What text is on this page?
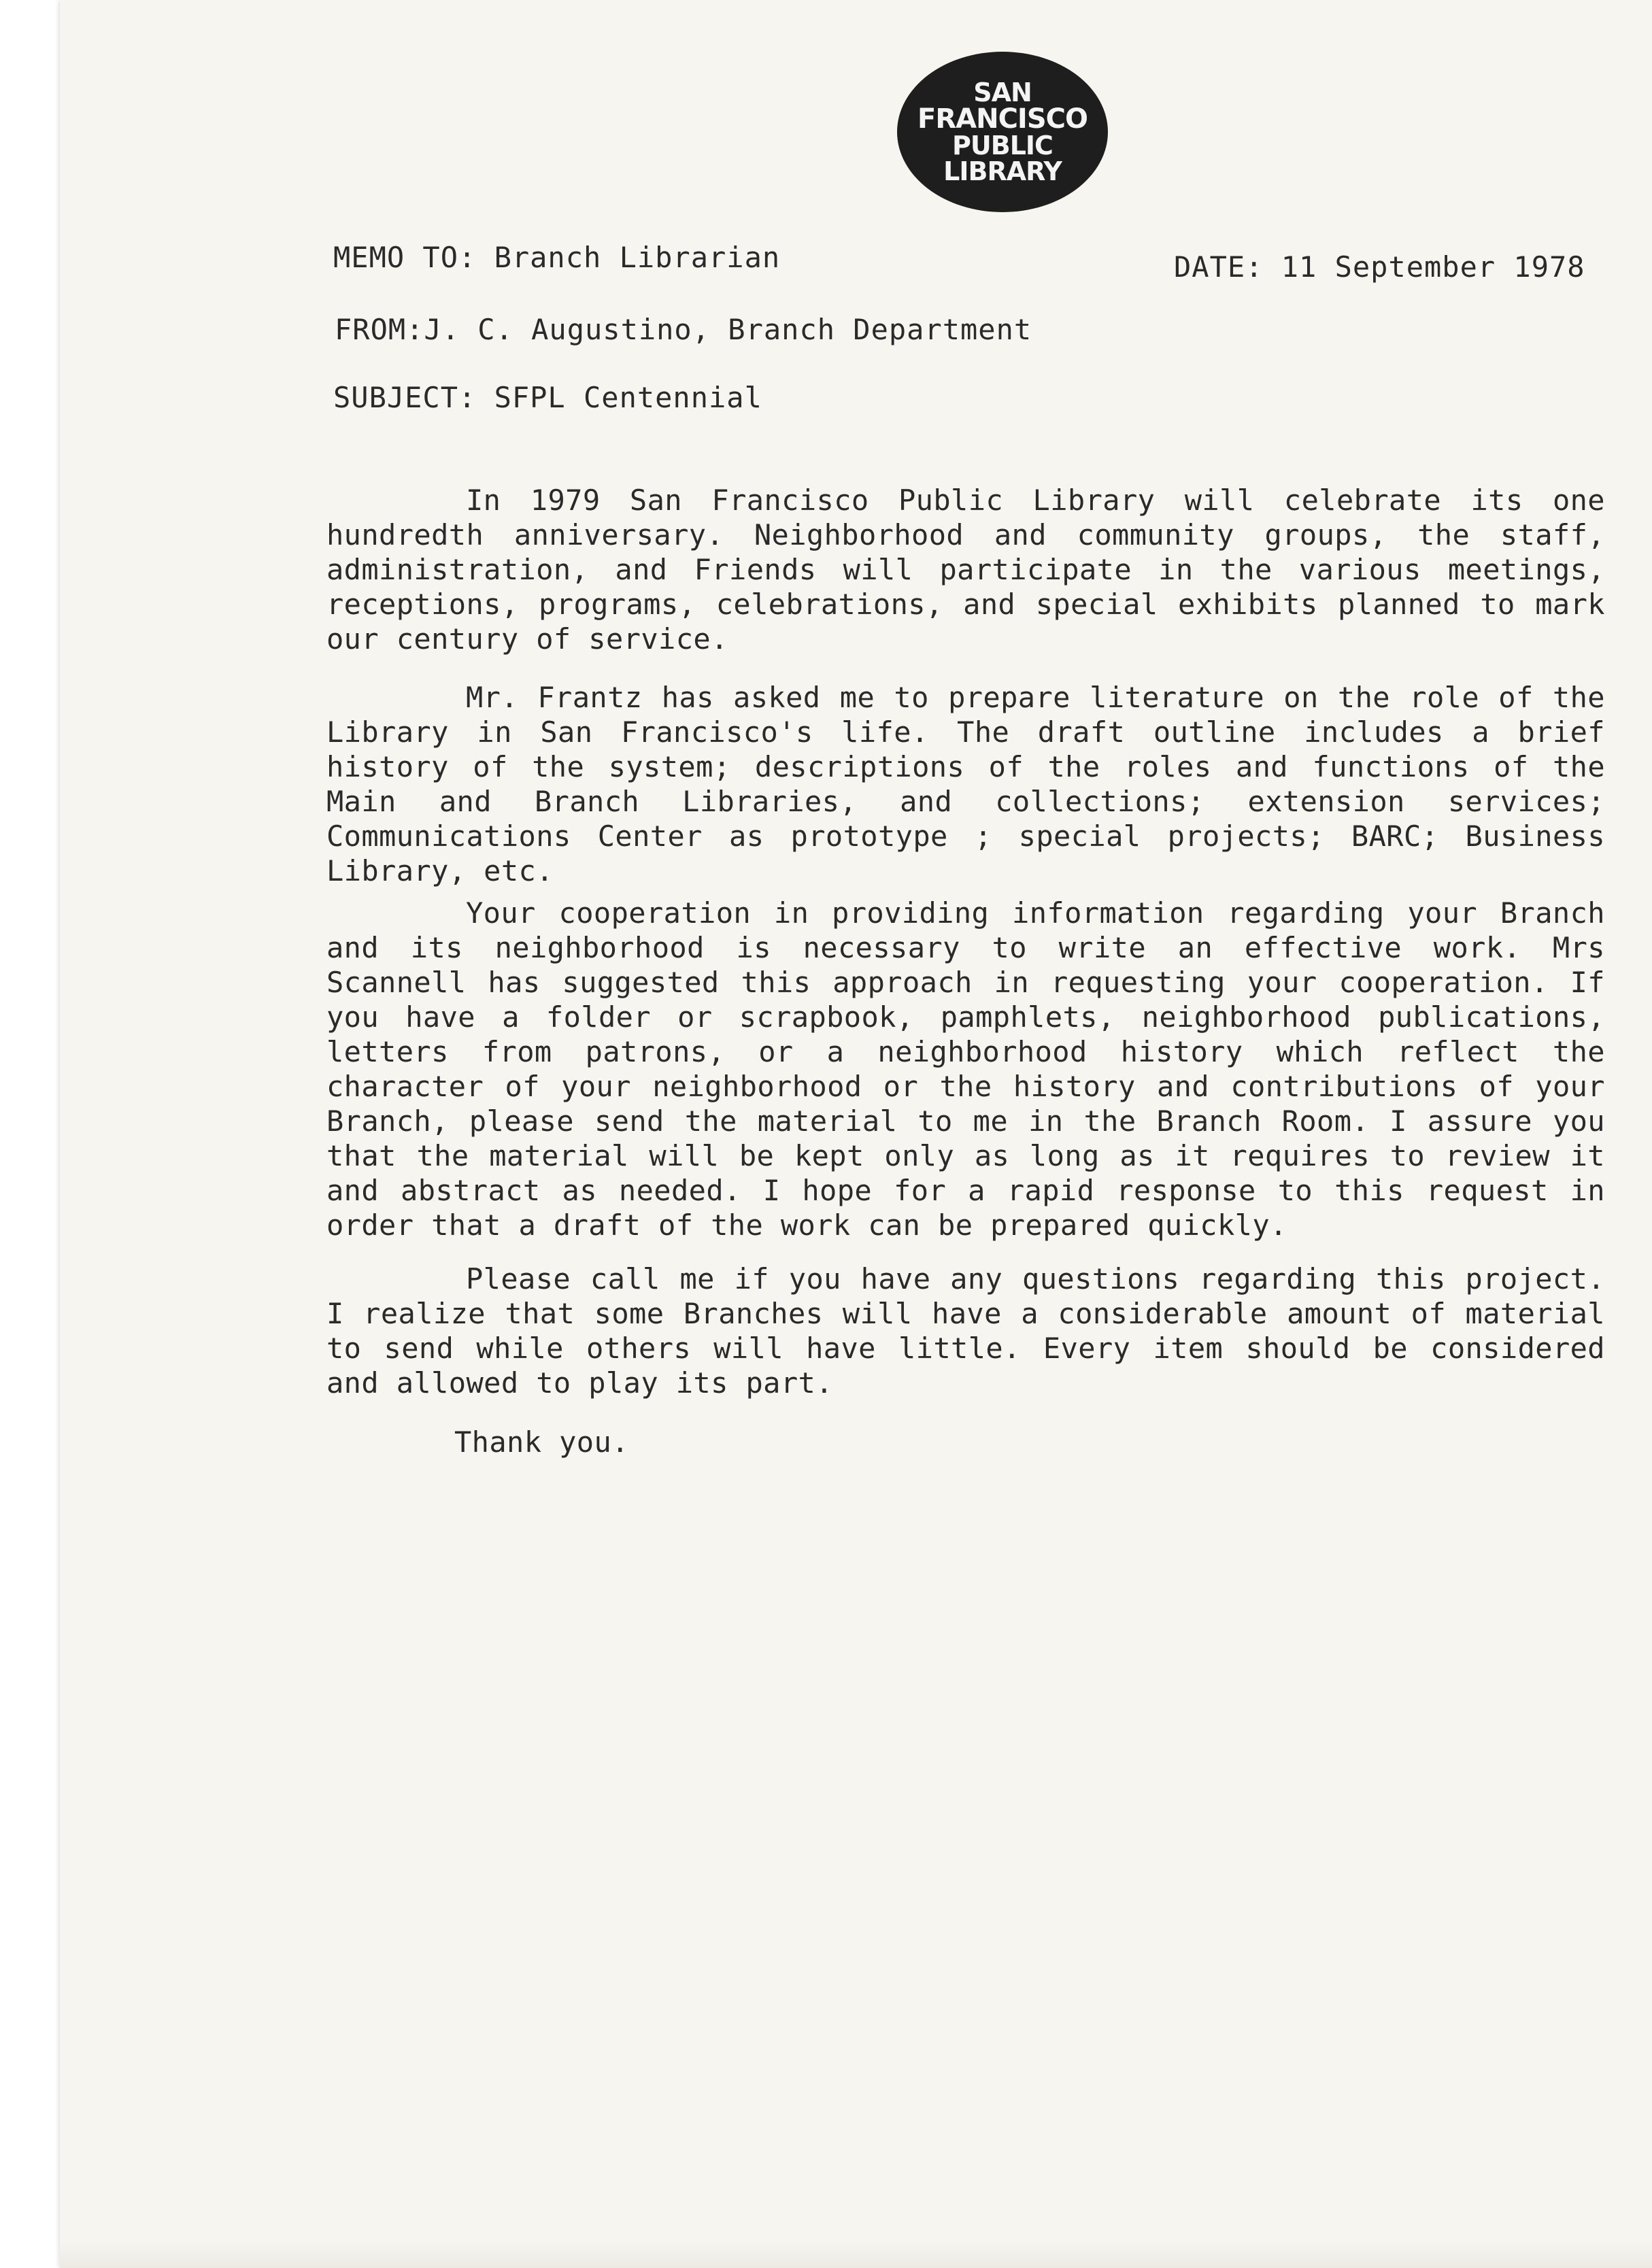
SAN
FRANCISCO
PUBLIC
LIBRARY
MEMO TO: Branch Librarian	DATE: 11 September 1978
FROM:J. C. Augustino, Branch Department
SUBJECT: SFPL Centennial

In 1979 San Francisco Public Library will celebrate its one hundredth anniversary. Neighborhood and community groups, the staff, administration, and Friends will participate in the various meetings, receptions, programs, celebrations, and special exhibits planned to mark our century of service.

Mr. Frantz has asked me to prepare literature on the role of the Library in San Francisco's life. The draft outline includes a brief history of the system; descriptions of the roles and functions of the Main and Branch Libraries, and collections; extension services; Communications Center as prototype ; special projects; BARC; Business Library, etc.

Your cooperation in providing information regarding your Branch and its neighborhood is necessary to write an effective work. Mrs Scannell has suggested this approach in requesting your cooperation. If you have a folder or scrapbook, pamphlets, neighborhood publications, letters from patrons, or a neighborhood history which reflect the character of your neighborhood or the history and contributions of your Branch, please send the material to me in the Branch Room. I assure you that the material will be kept only as long as it requires to review it and abstract as needed. I hope for a rapid response to this request in order that a draft of the work can be prepared quickly.

Please call me if you have any questions regarding this project. I realize that some Branches will have a considerable amount of material to send while others will have little. Every item should be considered and allowed to play its part.

Thank you.
